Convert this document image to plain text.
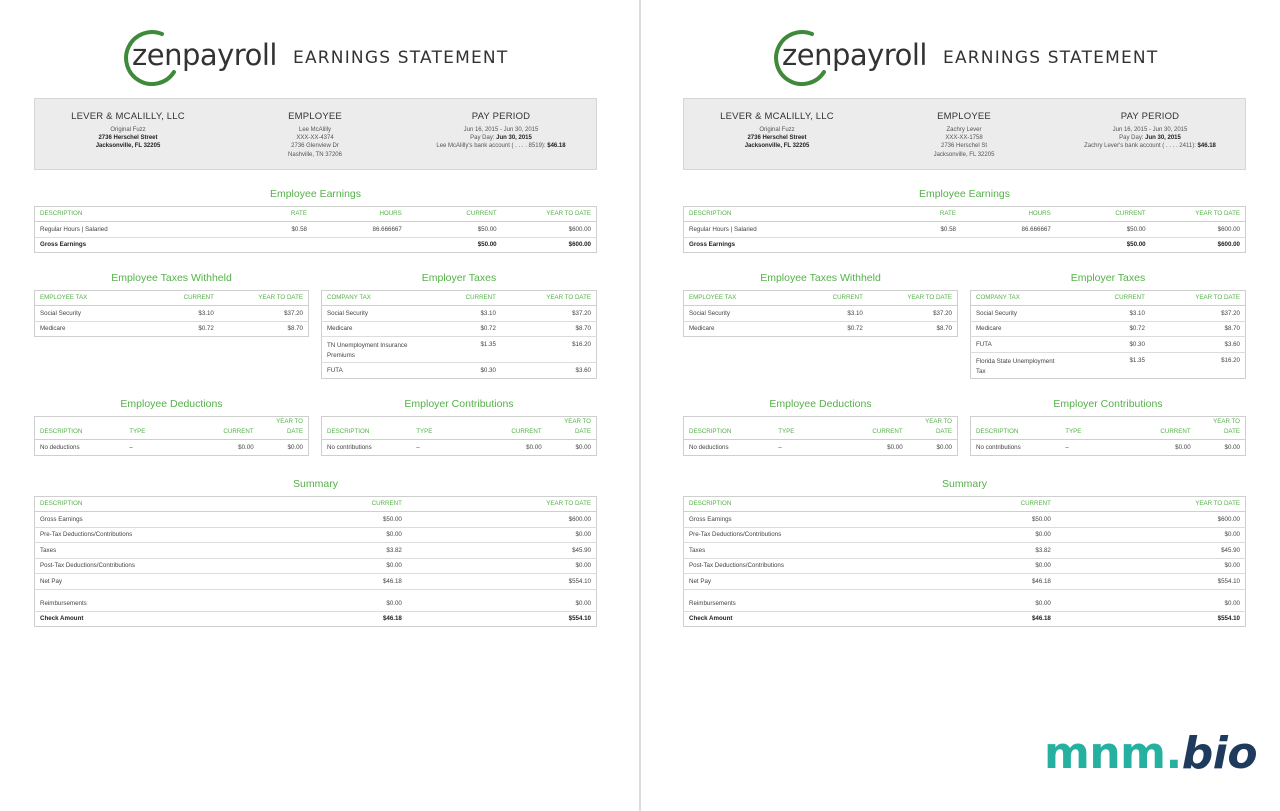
zenpayroll EARNINGS STATEMENT
LEVER & MCALILLY, LLC
Original Fuzz
2736 Herschel Street
Jacksonville, FL 32205
EMPLOYEE
Lee McAlilly
XXX-XX-4374
2736 Glenview Dr
Nashville, TN 37206
PAY PERIOD
Jun 16, 2015 - Jun 30, 2015
Pay Day: Jun 30, 2015
Lee McAlilly's bank account ( . . . . 8519): $46.18
Employee Earnings
DESCRIPTION	RATE	HOURS	CURRENT	YEAR TO DATE
Regular Hours | Salaried	$0.58	86.666667	$50.00	$600.00
Gross Earnings			$50.00	$600.00
Employee Taxes Withheld
EMPLOYEE TAX	CURRENT	YEAR TO DATE
Social Security	$3.10	$37.20
Medicare	$0.72	$8.70
Employer Taxes
COMPANY TAX	CURRENT	YEAR TO DATE
Social Security	$3.10	$37.20
Medicare	$0.72	$8.70
TN Unemployment Insurance Premiums	$1.35	$16.20
FUTA	$0.30	$3.60
Employee Deductions
DESCRIPTION	TYPE	CURRENT	YEAR TO
DATE
No deductions	–	$0.00	$0.00
Employer Contributions
DESCRIPTION	TYPE	CURRENT	YEAR TO
DATE
No contributions	–	$0.00	$0.00
Summary
DESCRIPTION	CURRENT	YEAR TO DATE
Gross Earnings	$50.00	$600.00
Pre-Tax Deductions/Contributions	$0.00	$0.00
Taxes	$3.82	$45.90
Post-Tax Deductions/Contributions	$0.00	$0.00
Net Pay	$46.18	$554.10
Reimbursements	$0.00	$0.00
Check Amount	$46.18	$554.10
zenpayroll EARNINGS STATEMENT
LEVER & MCALILLY, LLC
Original Fuzz
2736 Herschel Street
Jacksonville, FL 32205
EMPLOYEE
Zachry Lever
XXX-XX-1758
2736 Herschel St
Jacksonville, FL 32205
PAY PERIOD
Jun 16, 2015 - Jun 30, 2015
Pay Day: Jun 30, 2015
Zachry Lever's bank account ( . . . . 2411): $46.18
Employee Earnings
DESCRIPTION	RATE	HOURS	CURRENT	YEAR TO DATE
Regular Hours | Salaried	$0.58	86.666667	$50.00	$600.00
Gross Earnings			$50.00	$600.00
Employee Taxes Withheld
EMPLOYEE TAX	CURRENT	YEAR TO DATE
Social Security	$3.10	$37.20
Medicare	$0.72	$8.70
Employer Taxes
COMPANY TAX	CURRENT	YEAR TO DATE
Social Security	$3.10	$37.20
Medicare	$0.72	$8.70
FUTA	$0.30	$3.60
Florida State Unemployment Tax	$1.35	$16.20
Employee Deductions
DESCRIPTION	TYPE	CURRENT	YEAR TO
DATE
No deductions	–	$0.00	$0.00
Employer Contributions
DESCRIPTION	TYPE	CURRENT	YEAR TO
DATE
No contributions	–	$0.00	$0.00
Summary
DESCRIPTION	CURRENT	YEAR TO DATE
Gross Earnings	$50.00	$600.00
Pre-Tax Deductions/Contributions	$0.00	$0.00
Taxes	$3.82	$45.90
Post-Tax Deductions/Contributions	$0.00	$0.00
Net Pay	$46.18	$554.10
Reimbursements	$0.00	$0.00
Check Amount	$46.18	$554.10
mnm.bio
